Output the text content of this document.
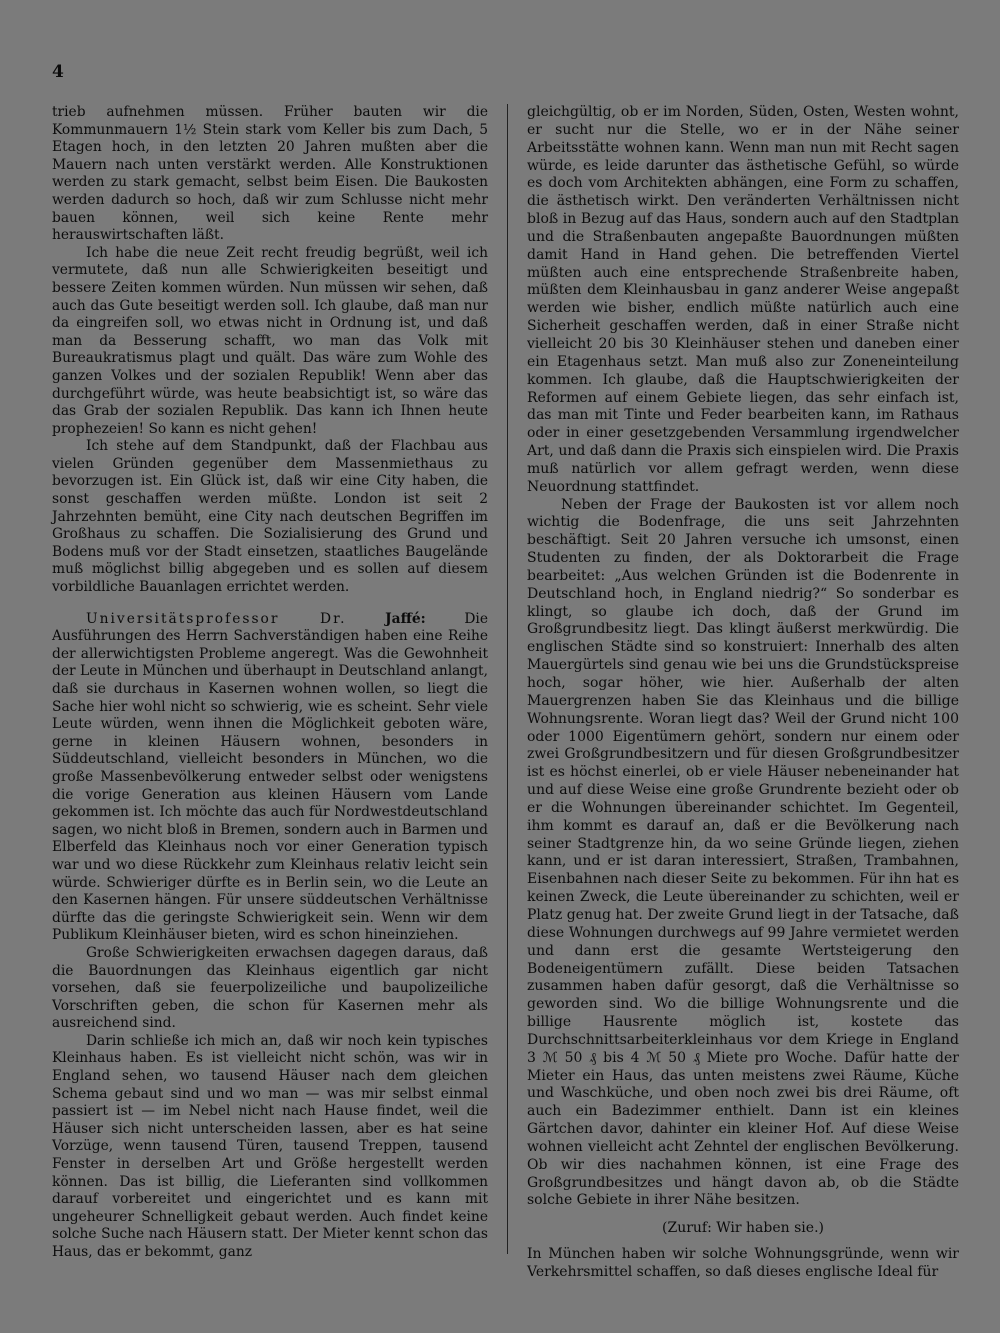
4

trieb aufnehmen müssen. Früher bauten wir die Kommunmauern 1½ Stein stark vom Keller bis zum Dach, 5 Etagen hoch, in den letzten 20 Jahren mußten aber die Mauern nach unten verstärkt werden. Alle Konstruktionen werden zu stark gemacht, selbst beim Eisen. Die Baukosten werden dadurch so hoch, daß wir zum Schlusse nicht mehr bauen können, weil sich keine Rente mehr herauswirtschaften läßt.

Ich habe die neue Zeit recht freudig begrüßt, weil ich vermutete, daß nun alle Schwierigkeiten beseitigt und bessere Zeiten kommen würden. Nun müssen wir sehen, daß auch das Gute beseitigt werden soll. Ich glaube, daß man nur da eingreifen soll, wo etwas nicht in Ordnung ist, und daß man da Besserung schafft, wo man das Volk mit Bureaukratismus plagt und quält. Das wäre zum Wohle des ganzen Volkes und der sozialen Republik! Wenn aber das durchgeführt würde, was heute beabsichtigt ist, so wäre das das Grab der sozialen Republik. Das kann ich Ihnen heute prophezeien! So kann es nicht gehen!

Ich stehe auf dem Standpunkt, daß der Flachbau aus vielen Gründen gegenüber dem Massenmiethaus zu bevorzugen ist. Ein Glück ist, daß wir eine City haben, die sonst geschaffen werden müßte. London ist seit 2 Jahrzehnten bemüht, eine City nach deutschen Begriffen im Großhaus zu schaffen. Die Sozialisierung des Grund und Bodens muß vor der Stadt einsetzen, staatliches Baugelände muß möglichst billig abgegeben und es sollen auf diesem vorbildliche Bauanlagen errichtet werden.

Universitätsprofessor Dr.	Jaffé:	Die Ausführungen des Herrn Sachverständigen haben eine Reihe der allerwichtigsten Probleme angeregt. Was die Gewohnheit der Leute in München und überhaupt in Deutschland anlangt, daß sie durchaus in Kasernen wohnen wollen, so liegt die Sache hier wohl nicht so schwierig, wie es scheint. Sehr viele Leute würden, wenn ihnen die Möglichkeit geboten wäre, gerne in kleinen Häusern wohnen, besonders in Süddeutschland, vielleicht besonders in München, wo die große Massenbevölkerung entweder selbst oder wenigstens die vorige Generation aus kleinen Häusern vom Lande gekommen ist. Ich möchte das auch für Nordwestdeutschland sagen, wo nicht bloß in Bremen, sondern auch in Barmen und Elberfeld das Kleinhaus noch vor einer Generation typisch war und wo diese Rückkehr zum Kleinhaus relativ leicht sein würde. Schwieriger dürfte es in Berlin sein, wo die Leute an den Kasernen hängen. Für unsere süddeutschen Verhältnisse dürfte das die geringste Schwierigkeit sein. Wenn wir dem Publikum Kleinhäuser bieten, wird es schon hineinziehen.

Große Schwierigkeiten erwachsen dagegen daraus, daß die Bauordnungen das Kleinhaus eigentlich gar nicht vorsehen, daß sie feuerpolizeiliche und baupolizeiliche Vorschriften geben, die schon für Kasernen mehr als ausreichend sind.

Darin schließe ich mich an, daß wir noch kein typisches Kleinhaus haben. Es ist vielleicht nicht schön, was wir in England sehen, wo tausend Häuser nach dem gleichen Schema gebaut sind und wo man — was mir selbst einmal passiert ist — im Nebel nicht nach Hause findet, weil die Häuser sich nicht unterscheiden lassen, aber es hat seine Vorzüge, wenn tausend Türen, tausend Treppen, tausend Fenster in derselben Art und Größe hergestellt werden können. Das ist billig, die Lieferanten sind vollkommen darauf vorbereitet und eingerichtet und es kann mit ungeheurer Schnelligkeit gebaut werden. Auch findet keine solche Suche nach Häusern statt. Der Mieter kennt schon das Haus, das er bekommt, ganz

gleichgültig, ob er im Norden, Süden, Osten, Westen wohnt, er sucht nur die Stelle, wo er in der Nähe seiner Arbeitsstätte wohnen kann. Wenn man nun mit Recht sagen würde, es leide darunter das ästhetische Gefühl, so würde es doch vom Architekten abhängen, eine Form zu schaffen, die ästhetisch wirkt. Den veränderten Verhältnissen nicht bloß in Bezug auf das Haus, sondern auch auf den Stadtplan und die Straßenbauten angepaßte Bauordnungen müßten damit Hand in Hand gehen. Die betreffenden Viertel müßten auch eine entsprechende Straßenbreite haben, müßten dem Kleinhausbau in ganz anderer Weise angepaßt werden wie bisher, endlich müßte natürlich auch eine Sicherheit geschaffen werden, daß in einer Straße nicht vielleicht 20 bis 30 Kleinhäuser stehen und daneben einer ein Etagenhaus setzt. Man muß also zur Zoneneinteilung kommen. Ich glaube, daß die Hauptschwierigkeiten der Reformen auf einem Gebiete liegen, das sehr einfach ist, das man mit Tinte und Feder bearbeiten kann, im Rathaus oder in einer gesetzgebenden Versammlung irgendwelcher Art, und daß dann die Praxis sich einspielen wird. Die Praxis muß natürlich vor allem gefragt werden, wenn diese Neuordnung stattfindet.

Neben der Frage der Baukosten ist vor allem noch wichtig die Bodenfrage, die uns seit Jahrzehnten beschäftigt. Seit 20 Jahren versuche ich umsonst, einen Studenten zu finden, der als Doktorarbeit die Frage bearbeitet: „Aus welchen Gründen ist die Bodenrente in Deutschland hoch, in England niedrig?“ So sonderbar es klingt, so glaube ich doch, daß der Grund im Großgrundbesitz liegt. Das klingt äußerst merkwürdig. Die englischen Städte sind so konstruiert: Innerhalb des alten Mauergürtels sind genau wie bei uns die Grundstückspreise hoch, sogar höher, wie hier. Außerhalb der alten Mauergrenzen haben Sie das Kleinhaus und die billige Wohnungsrente. Woran liegt das? Weil der Grund nicht 100 oder 1000 Eigentümern gehört, sondern nur einem oder zwei Großgrundbesitzern und für diesen Großgrundbesitzer ist es höchst einerlei, ob er viele Häuser nebeneinander hat und auf diese Weise eine große Grundrente bezieht oder ob er die Wohnungen übereinander schichtet. Im Gegenteil, ihm kommt es darauf an, daß er die Bevölkerung nach seiner Stadtgrenze hin, da wo seine Gründe liegen, ziehen kann, und er ist daran interessiert, Straßen, Trambahnen, Eisenbahnen nach dieser Seite zu bekommen. Für ihn hat es keinen Zweck, die Leute übereinander zu schichten, weil er Platz genug hat. Der zweite Grund liegt in der Tatsache, daß diese Wohnungen durchwegs auf 99 Jahre vermietet werden und dann erst die gesamte Wertsteigerung den Bodeneigentümern zufällt. Diese beiden Tatsachen zusammen haben dafür gesorgt, daß die Verhältnisse so geworden sind. Wo die billige Wohnungsrente und die billige Hausrente möglich ist, kostete das Durchschnittsarbeiterkleinhaus vor dem Kriege in England 3 ℳ 50 ₰ bis 4 ℳ 50 ₰ Miete pro Woche. Dafür hatte der Mieter ein Haus, das unten meistens zwei Räume, Küche und Waschküche, und oben noch zwei bis drei Räume, oft auch ein Badezimmer enthielt. Dann ist ein kleines Gärtchen davor, dahinter ein kleiner Hof. Auf diese Weise wohnen vielleicht acht Zehntel der englischen Bevölkerung. Ob wir dies nachahmen können, ist eine Frage des Großgrundbesitzes und hängt davon ab, ob die Städte solche Gebiete in ihrer Nähe besitzen.

(Zuruf: Wir haben sie.)

In München haben wir solche Wohnungsgründe, wenn wir Verkehrsmittel schaffen, so daß dieses englische Ideal für
